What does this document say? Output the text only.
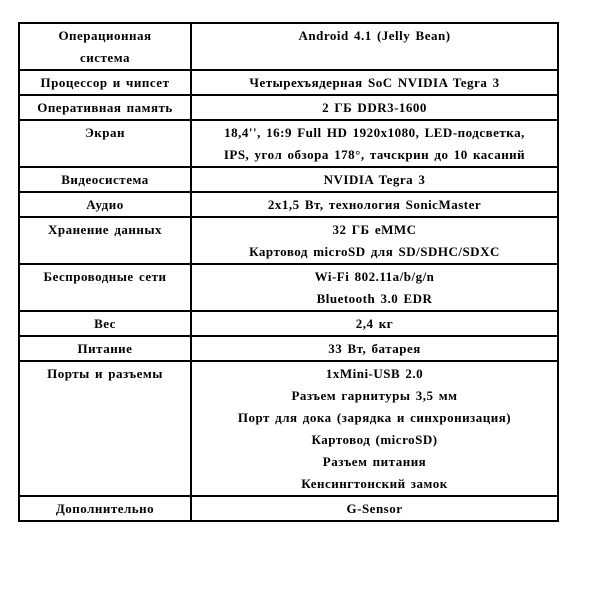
Операционная
система	Android 4.1 (Jelly Bean)

Процессор и чипсет	Четырехъядерная SoC NVIDIA Tegra 3

Оперативная память	2 ГБ DDR3-1600

Экран	18,4'', 16:9 Full HD 1920x1080, LED-подсветка,
IPS, угол обзора 178°, тачскрин до 10 касаний

Видеосистема	NVIDIA Tegra 3

Аудио	2x1,5 Вт, технология SonicMaster

Хранение данных	32 ГБ eMMC
Картовод microSD для SD/SDHC/SDXC

Беспроводные сети	Wi-Fi 802.11a/b/g/n
Bluetooth 3.0 EDR

Вес	2,4 кг

Питание	33 Вт, батарея

Порты и разъемы	1xMini-USB 2.0
Разъем гарнитуры 3,5 мм
Порт для дока (зарядка и синхронизация)
Картовод (microSD)
Разъем питания
Кенсингтонский замок

Дополнительно	G-Sensor
